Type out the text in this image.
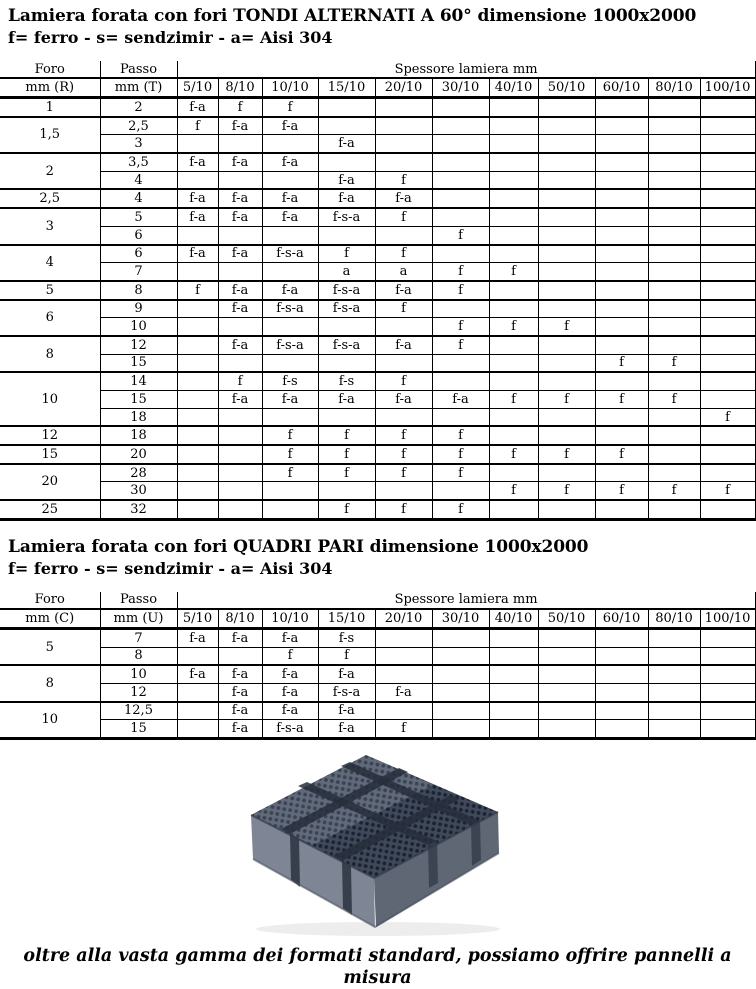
Lamiera forata con fori TONDI ALTERNATI A 60° dimensione 1000x2000
f= ferro - s= sendzimir - a= Aisi 304
Foro	Passo	Spessore lamiera mm										
mm (R)	mm (T)	5/10	8/10	10/10	15/10	20/10	30/10	40/10	50/10	60/10	80/10	100/10
1	2	f-a	f	f								
1,5	2,5	f	f-a	f-a								
	3				f-a							
2	3,5	f-a	f-a	f-a								
	4				f-a	f						
2,5	4	f-a	f-a	f-a	f-a	f-a						
3	5	f-a	f-a	f-a	f-s-a	f						
	6						f					
4	6	f-a	f-a	f-s-a	f	f						
	7				a	a	f	f				
5	8	f	f-a	f-a	f-s-a	f-a	f					
6	9		f-a	f-s-a	f-s-a	f						
	10						f	f	f			
8	12		f-a	f-s-a	f-s-a	f-a	f					
	15									f	f	
10	14		f	f-s	f-s	f						
	15		f-a	f-a	f-a	f-a	f-a	f	f	f	f	
	18											f
12	18			f	f	f	f					
15	20			f	f	f	f	f	f	f		
20	28			f	f	f	f					
	30							f	f	f	f	f
25	32				f	f	f					
Lamiera forata con fori QUADRI PARI dimensione 1000x2000
f= ferro - s= sendzimir - a= Aisi 304
Foro	Passo	Spessore lamiera mm										
mm (C)	mm (U)	5/10	8/10	10/10	15/10	20/10	30/10	40/10	50/10	60/10	80/10	100/10
5	7	f-a	f-a	f-a	f-s							
	8			f	f							
8	10	f-a	f-a	f-a	f-a							
	12		f-a	f-a	f-s-a	f-a						
10	12,5		f-a	f-a	f-a							
	15		f-a	f-s-a	f-a	f						
oltre alla vasta gamma dei formati standard, possiamo offrire pannelli a misura
